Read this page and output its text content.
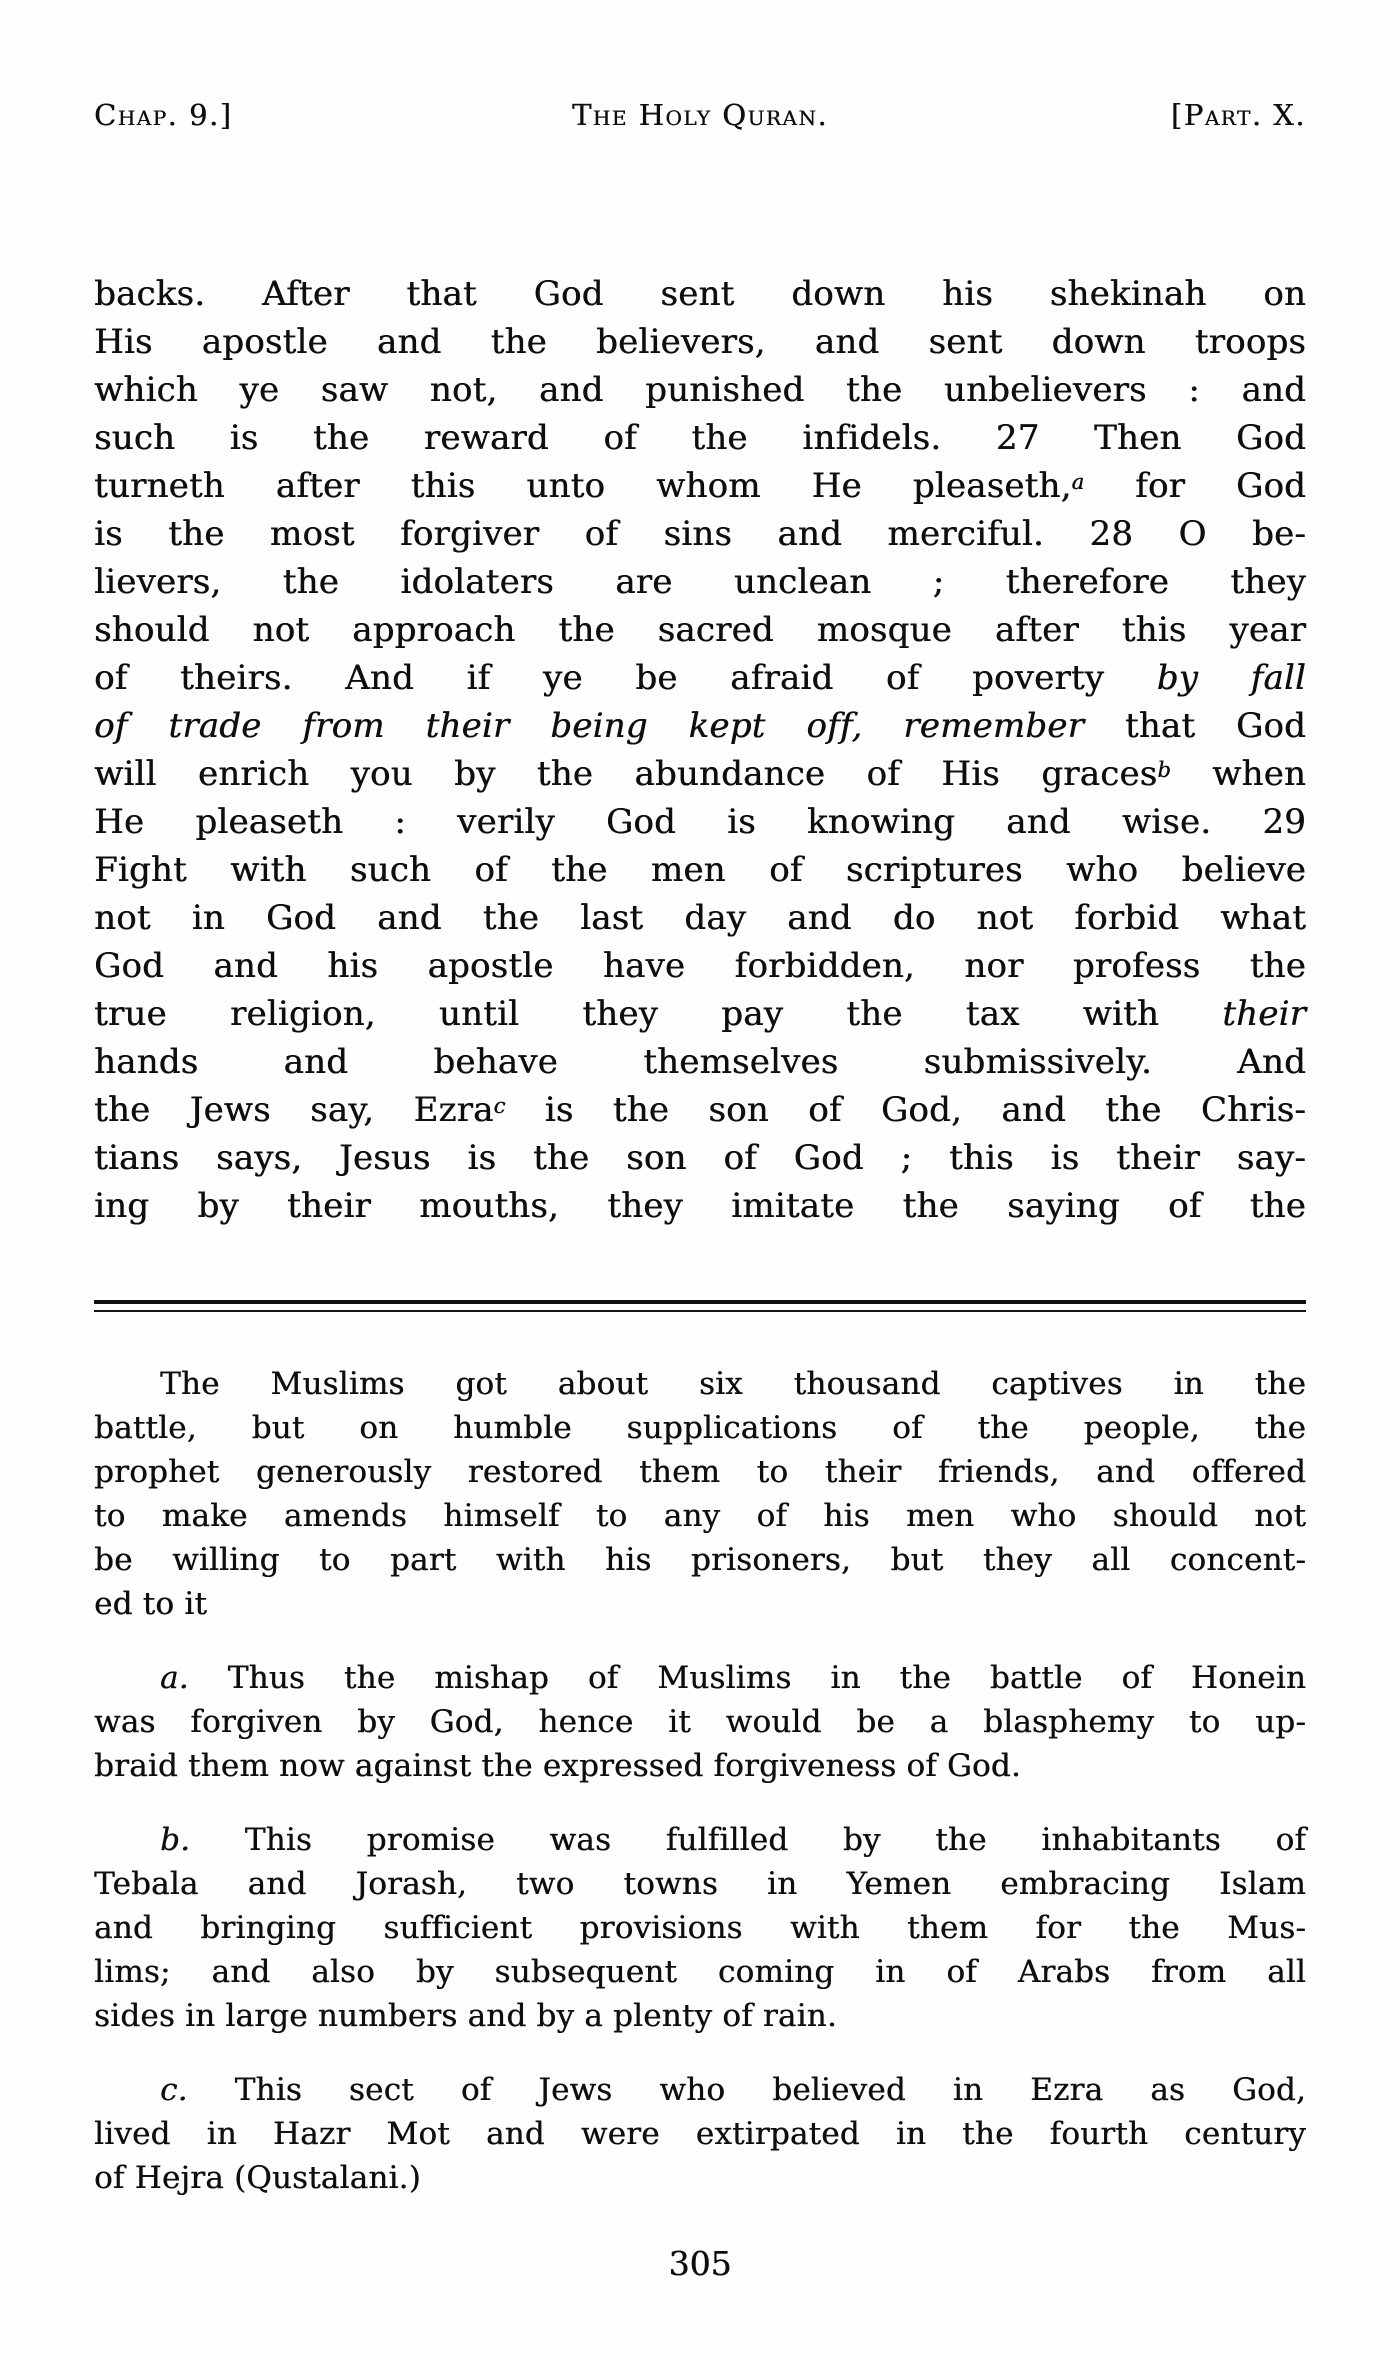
Chap. 9.]	The Holy Quran.	[Part. X.
backs. After that God sent down his shekinah on
His apostle and the believers, and sent down troops
which ye saw not, and punished the unbelievers : and
such is the reward of the infidels. 27 Then God
turneth after this unto whom He pleaseth,$^a$ for God
is the most forgiver of sins and merciful. 28 O be-
lievers, the idolaters are unclean ; therefore they
should not approach the sacred mosque after this year
of theirs. And if ye be afraid of poverty by fall
of trade from their being kept off, remember that God
will enrich you by the abundance of His graces$^b$ when
He pleaseth : verily God is knowing and wise. 29
Fight with such of the men of scriptures who believe
not in God and the last day and do not forbid what
God and his apostle have forbidden, nor profess the
true religion, until they pay the tax with their
hands and behave themselves submissively. And
the Jews say, Ezra$^c$ is the son of God, and the Chris-
tians says, Jesus is the son of God ; this is their say-
ing by their mouths, they imitate the saying of the
The Muslims got about six thousand captives in the
battle, but on humble supplications of the people, the
prophet generously restored them to their friends, and offered
to make amends himself to any of his men who should not
be willing to part with his prisoners, but they all concent-
ed to it
a. Thus the mishap of Muslims in the battle of Honein
was forgiven by God, hence it would be a blasphemy to up-
braid them now against the expressed forgiveness of God.
b. This promise was fulfilled by the inhabitants of
Tebala and Jorash, two towns in Yemen embracing Islam
and bringing sufficient provisions with them for the Mus-
lims; and also by subsequent coming in of Arabs from all
sides in large numbers and by a plenty of rain.
c. This sect of Jews who believed in Ezra as God,
lived in Hazr Mot and were extirpated in the fourth century
of Hejra (Qustalani.)
305
